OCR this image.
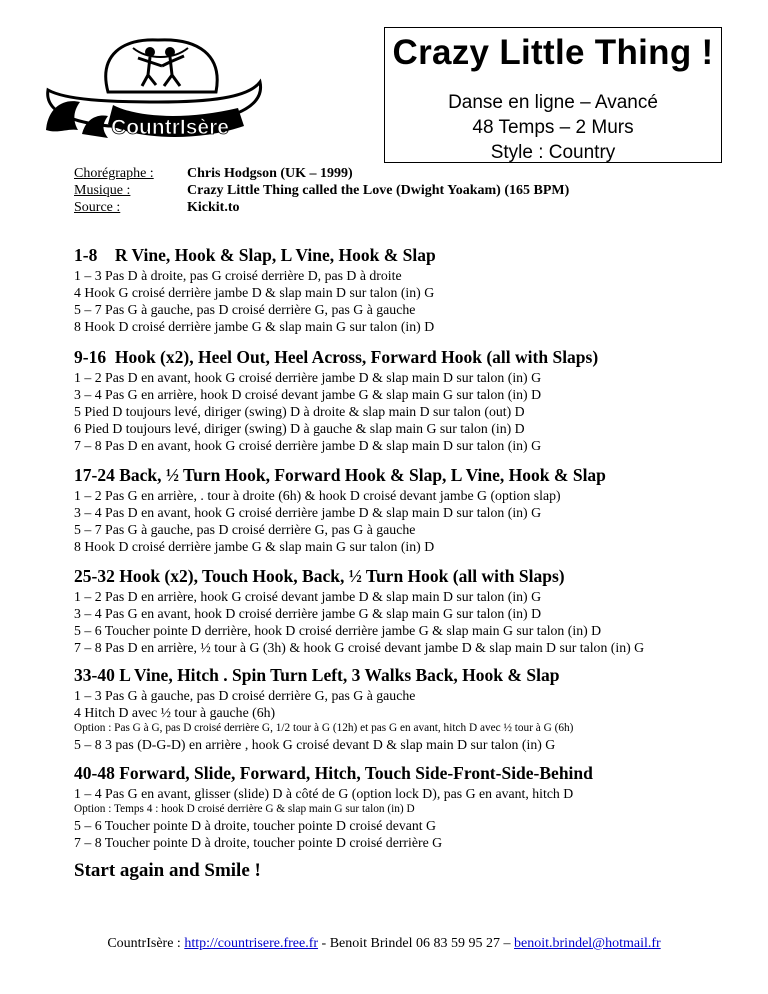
CountrIsère
Crazy Little Thing !
Danse en ligne – Avancé
48 Temps – 2 Murs
Style : Country
Chorégraphe :	Chris Hodgson (UK – 1999)
Musique :	Crazy Little Thing called the Love (Dwight Yoakam) (165 BPM)
Source :	Kickit.to
1-8    R Vine, Hook & Slap, L Vine, Hook & Slap
1 – 3 Pas D à droite, pas G croisé derrière D, pas D à droite
4 Hook G croisé derrière jambe D & slap main D sur talon (in) G
5 – 7 Pas G à gauche, pas D croisé derrière G, pas G à gauche
8 Hook D croisé derrière jambe G & slap main G sur talon (in) D
9-16  Hook (x2), Heel Out, Heel Across, Forward Hook (all with Slaps)
1 – 2 Pas D en avant, hook G croisé derrière jambe D & slap main D sur talon (in) G
3 – 4 Pas G en arrière, hook D croisé devant jambe G & slap main G sur talon (in) D
5 Pied D toujours levé, diriger (swing) D à droite & slap main D sur talon (out) D
6 Pied D toujours levé, diriger (swing) D à gauche & slap main G sur talon (in) D
7 – 8 Pas D en avant, hook G croisé derrière jambe D & slap main D sur talon (in) G
17-24 Back, ½ Turn Hook, Forward Hook & Slap, L Vine, Hook & Slap
1 – 2 Pas G en arrière, . tour à droite (6h) & hook D croisé devant jambe G (option slap)
3 – 4 Pas D en avant, hook G croisé derrière jambe D & slap main D sur talon (in) G
5 – 7 Pas G à gauche, pas D croisé derrière G, pas G à gauche
8 Hook D croisé derrière jambe G & slap main G sur talon (in) D
25-32 Hook (x2), Touch Hook, Back, ½ Turn Hook (all with Slaps)
1 – 2 Pas D en arrière, hook G croisé devant jambe D & slap main D sur talon (in) G
3 – 4 Pas G en avant, hook D croisé derrière jambe G & slap main G sur talon (in) D
5 – 6 Toucher pointe D derrière, hook D croisé derrière jambe G & slap main G sur talon (in) D
7 – 8 Pas D en arrière, ½ tour à G (3h) & hook G croisé devant jambe D & slap main D sur talon (in) G
33-40 L Vine, Hitch . Spin Turn Left, 3 Walks Back, Hook & Slap
1 – 3 Pas G à gauche, pas D croisé derrière G, pas G à gauche
4 Hitch D avec ½ tour à gauche (6h)
Option : Pas G à G, pas D croisé derrière G, 1/2 tour à G (12h) et pas G en avant, hitch D avec ½ tour à G (6h)
5 – 8 3 pas (D-G-D) en arrière , hook G croisé devant D & slap main D sur talon (in) G
40-48 Forward, Slide, Forward, Hitch, Touch Side-Front-Side-Behind
1 – 4 Pas G en avant, glisser (slide) D à côté de G (option lock D), pas G en avant, hitch D
Option : Temps 4 : hook D croisé derrière G & slap main G sur talon (in) D
5 – 6 Toucher pointe D à droite, toucher pointe D croisé devant G
7 – 8 Toucher pointe D à droite, toucher pointe D croisé derrière G
Start again and Smile !
CountrIsère : http://countrisere.free.fr - Benoit Brindel 06 83 59 95 27 – benoit.brindel@hotmail.fr
